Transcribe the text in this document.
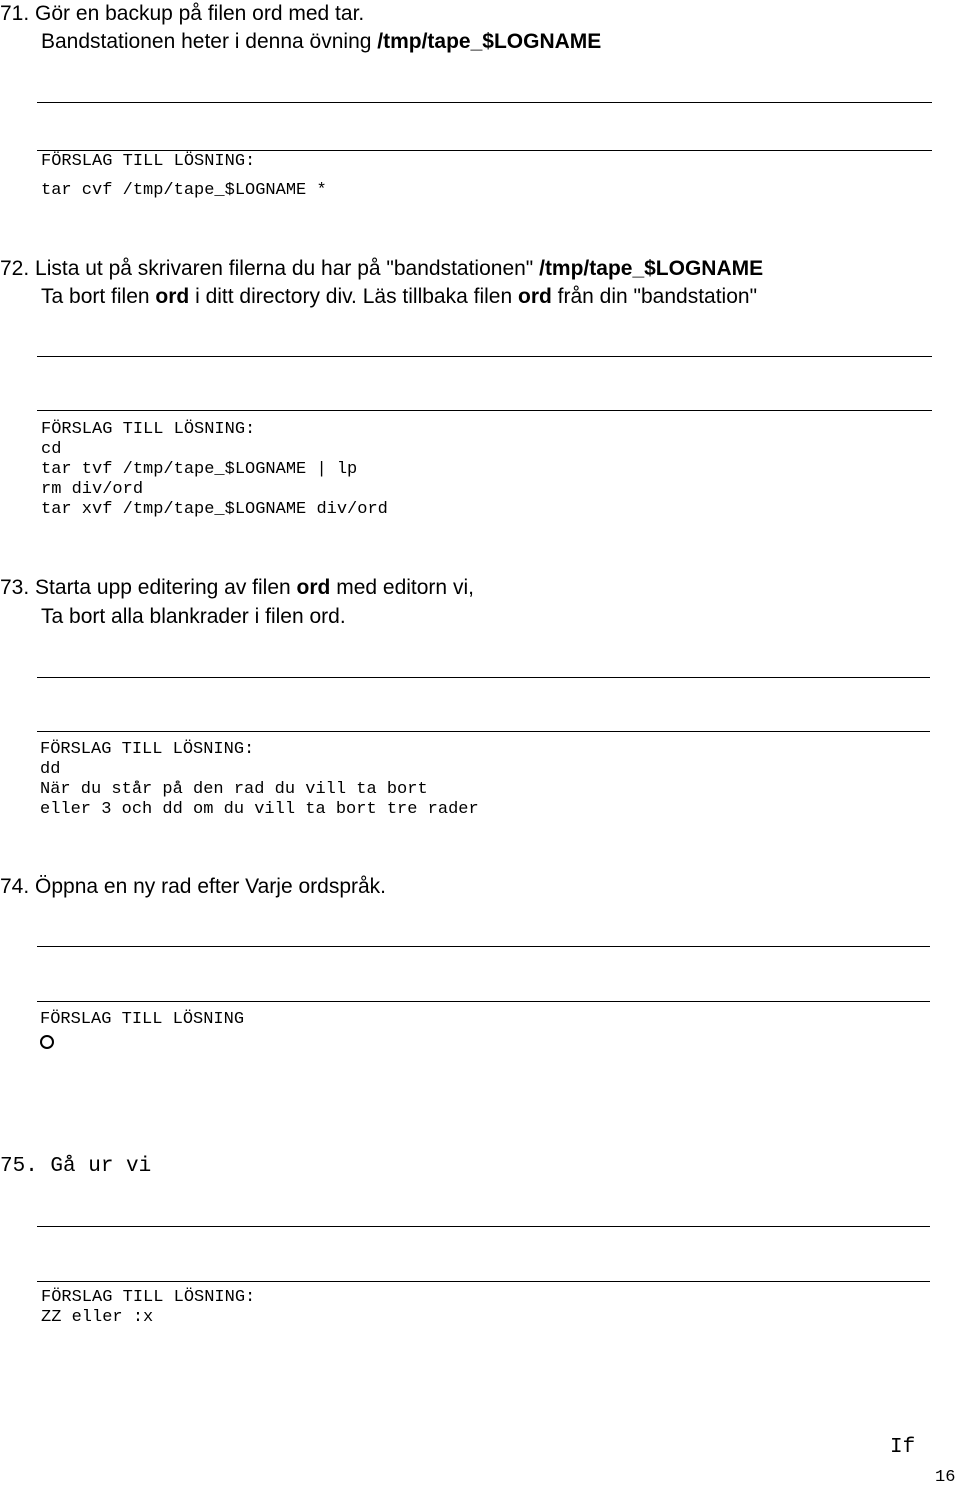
71. Gör en backup på filen ord med tar.
Bandstationen heter i denna övning /tmp/tape_$LOGNAME
FÖRSLAG TILL LÖSNING:
tar cvf /tmp/tape_$LOGNAME *
72. Lista ut på skrivaren filerna du har på "bandstationen" /tmp/tape_$LOGNAME
Ta bort filen ord i ditt directory div. Läs tillbaka filen ord från din "bandstation"
FÖRSLAG TILL LÖSNING:
cd
tar tvf /tmp/tape_$LOGNAME | lp
rm div/ord
tar xvf /tmp/tape_$LOGNAME div/ord
73. Starta upp editering av filen ord med editorn vi,
Ta bort alla blankrader i filen ord.
FÖRSLAG TILL LÖSNING:
dd
När du står på den rad du vill ta bort
eller 3 och dd om du vill ta bort tre rader
74. Öppna en ny rad efter Varje ordspråk.
FÖRSLAG TILL LÖSNING
75. Gå ur vi
FÖRSLAG TILL LÖSNING:
ZZ eller :x
If
16
